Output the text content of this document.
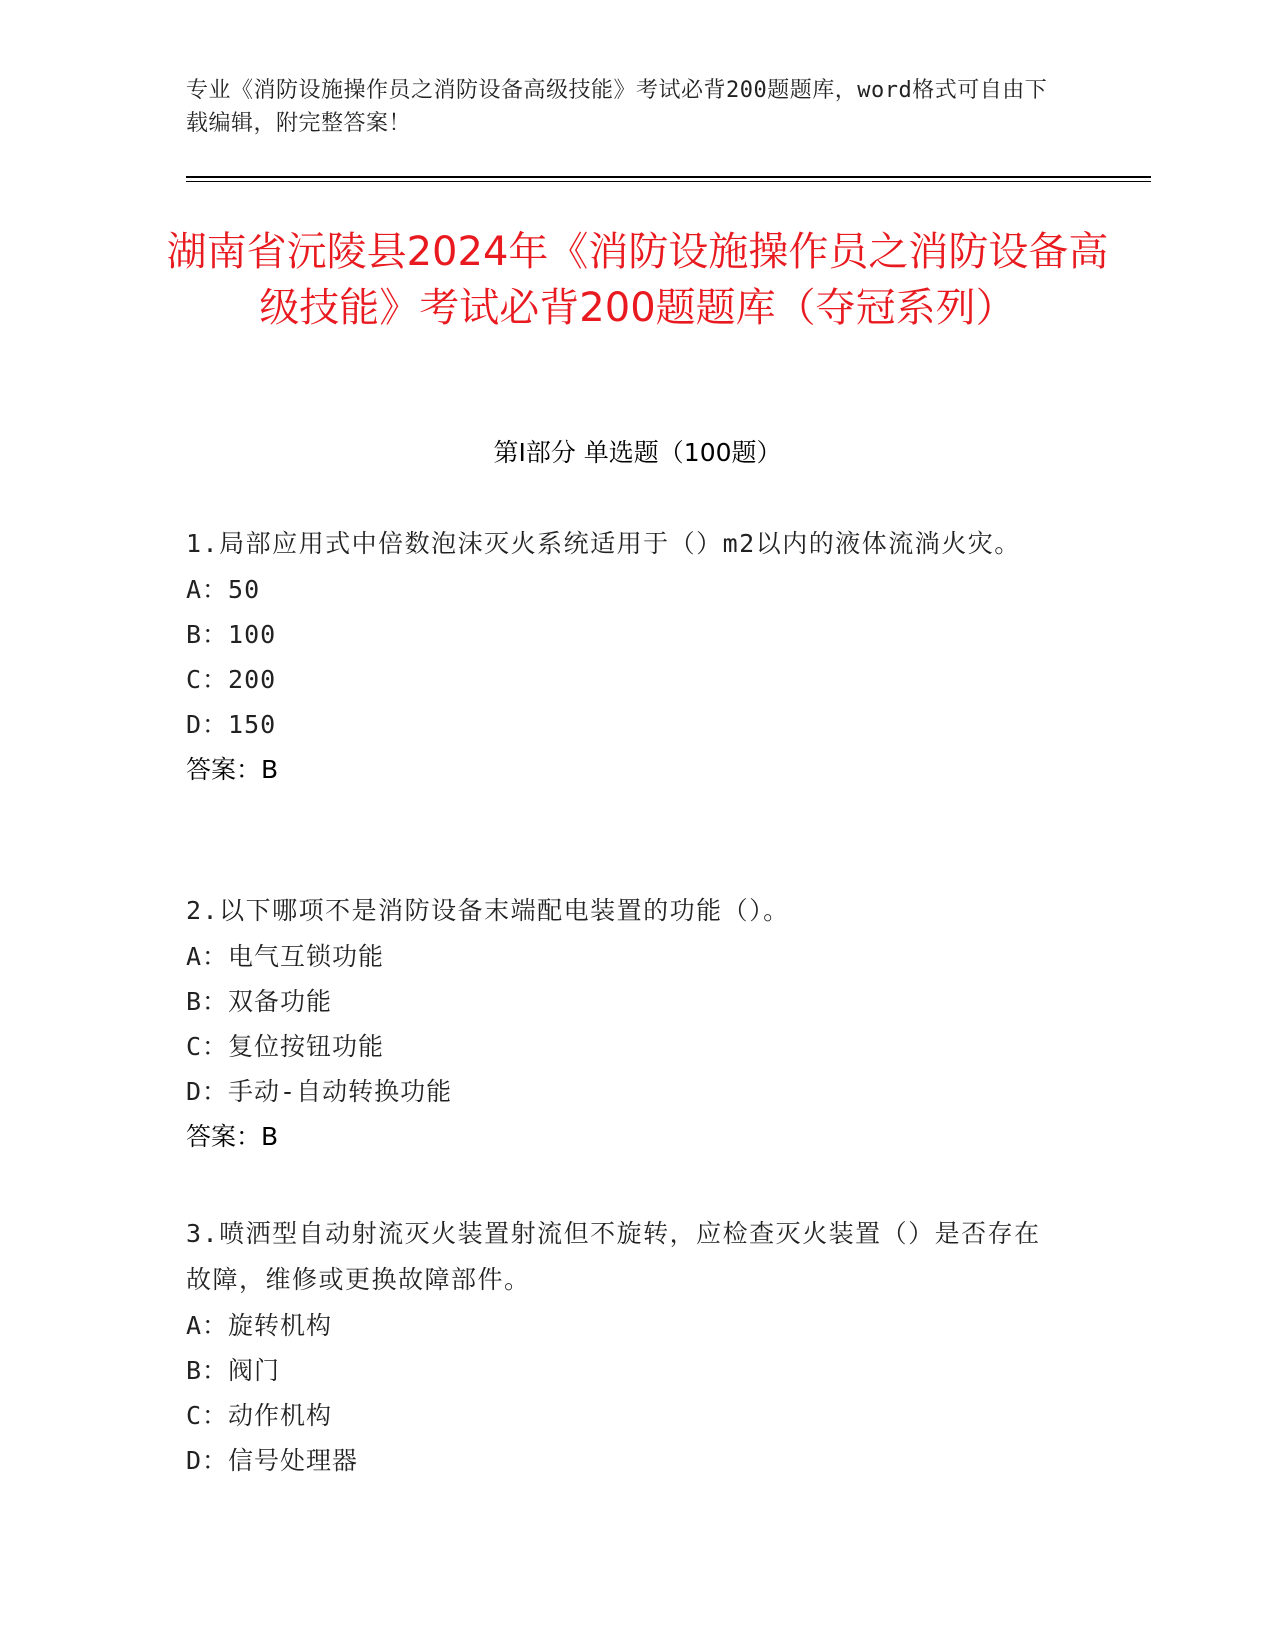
专业《消防设施操作员之消防设备高级技能》考试必背200题题库，word格式可自由下载编辑，附完整答案！
湖南省沅陵县2024年《消防设施操作员之消防设备高级技能》考试必背200题题库（夺冠系列）
第I部分 单选题（100题）
1.局部应用式中倍数泡沫灭火系统适用于（）m2以内的液体流淌火灾。
A：50
B：100
C：200
D：150
答案：B
2.以下哪项不是消防设备末端配电装置的功能（）。
A：电气互锁功能
B：双备功能
C：复位按钮功能
D：手动-自动转换功能
答案：B
3.喷洒型自动射流灭火装置射流但不旋转，应检查灭火装置（）是否存在故障，维修或更换故障部件。
A：旋转机构
B：阀门
C：动作机构
D：信号处理器
